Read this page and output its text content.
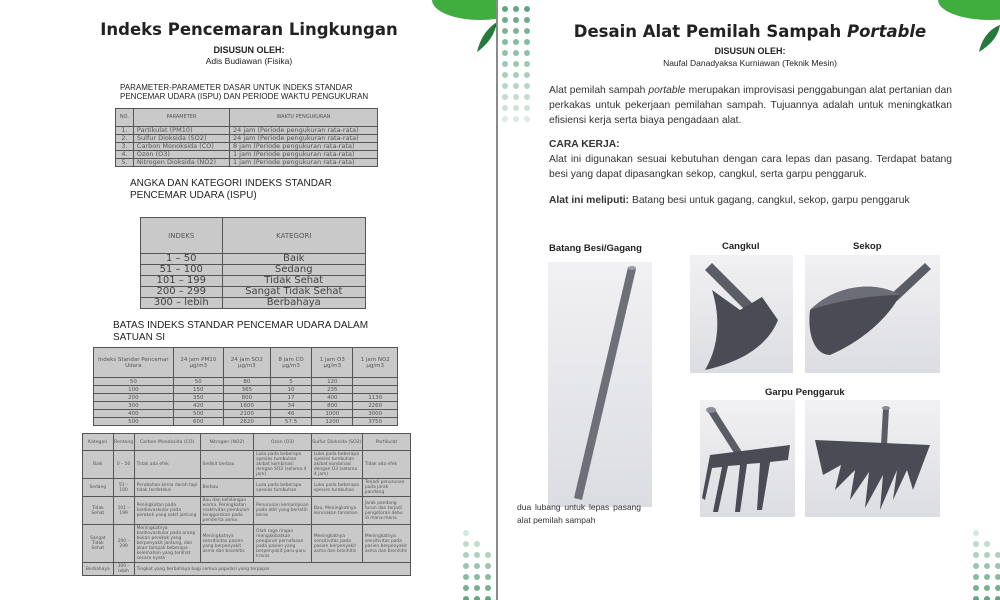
Indeks Pencemaran Lingkungan
DISUSUN OLEH:
Adis Budiawan (Fisika)
PARAMETER-PARAMETER DASAR UNTUK INDEKS STANDAR PENCEMAR UDARA (ISPU) DAN PERIODE WAKTU PENGUKURAN
NO.	PARAMETER	WAKTU PENGUKURAN
1.	Partikulat (PM10)	24 jam (Periode pengukuran rata-rata)
2.	Sulfur Dioksida (SO2)	24 jam (Periode pengukuran rata-rata)
3.	Carbon Monoksida (CO)	8 jam (Periode pengukuran rata-rata)
4.	Ozon (O3)	1 jam (Periode pengukuran rata-rata)
5.	Nitrogen Dioksida (NO2)	1 jam (Periode pengukuran rata-rata)
ANGKA DAN KATEGORI INDEKS STANDAR PENCEMAR UDARA (ISPU)
INDEKS	KATEGORI
1 – 50	Baik
51 – 100	Sedang
101 – 199	Tidak Sehat
200 – 299	Sangat Tidak Sehat
300 – lebih	Berbahaya
BATAS INDEKS STANDAR PENCEMAR UDARA DALAM SATUAN SI
Indeks Standar Pencemar Udara	24 jam PM10 µg/m3	24 jam SO2 µg/m3	8 jam CO µg/m3	1 jam O3 µg/m3	1 jam NO2 µg/m3
50	50	80	5	120	
100	150	365	10	235	
200	350	800	17	400	1130
300	420	1600	34	800	2260
400	500	2100	46	1000	3000
500	600	2620	57.5	1200	3750
Kategori	Rentang	Carbon Monoksida (CO)	Nitrogen (NO2)	Ozon (O3)	Sulfur Dioksida (SO2)	Partikulat
Baik	0 – 50	Tidak ada efek	Sedikit berbau	Luka pada beberapa spesies tumbuhan akibat kombinasi dengan SO2 (selama 4 jam)	Luka pada beberapa spesies tumbuhan akibat kombinasi dengan O3 (selama 4 jam)	Tidak ada efek
Sedang	51 – 100	Perubahan kimia darah tapi tidak terdeteksi	Berbau	Luka pada beberapa spesies tumbuhan	Luka pada beberapa spesies tumbuhan	Terjadi penurunan pada jarak pandang
Tidak Sehat	101 – 199	Peningkatan pada kardiovaskular pada perokok yang sakit jantung	Bau dan kehilangan warna. Peningkatan reaktivitas pembuluh tenggorokan pada penderita asma	Penurunan kemampuan pada atlit yang berlatih keras	Bau, Meningkatnya kerusakan tanaman	Jarak pandang turun dan terjadi pengotoran debu di mana-mana
Sangat Tidak Sehat	200 – 299	Meningkatnya kardiovaskular pada orang bukan perokok yang berpenyakit jantung, dan akan tampak beberapa kelemahan yang terlihat secara nyata	Meningkatnya sensitivitas pasien yang berpenyakit asma dan bronhitis	Olah raga ringan mengakibatkan pengaruh pernafasan pada pasien yang berpenyakit paru-paru kronis	Meningkatnya sensitivitas pada pasien berpenyakit asma dan bronhitis	Meningkatnya sensitivitas pada pasien berpenyakit asma dan bronhitis
Berbahaya	300 – lebih	Tingkat yang berbahaya bagi semua populasi yang terpapar				
Desain Alat Pemilah Sampah Portable
DISUSUN OLEH:
Naufal Danadyaksa Kurniawan (Teknik Mesin)
Alat pemilah sampah portable merupakan improvisasi penggabungan alat pertanian dan perkakas untuk pekerjaan pemilahan sampah. Tujuannya adalah untuk meningkatkan efisiensi kerja serta biaya pengadaan alat.
CARA KERJA:
Alat ini digunakan sesuai kebutuhan dengan cara lepas dan pasang. Terdapat batang besi yang dapat dipasangkan sekop, cangkul, serta garpu penggaruk.
Alat ini meliputi: Batang besi untuk gagang, cangkul, sekop, garpu penggaruk
Batang Besi/Gagang	Cangkul	Sekop
Garpu Penggaruk
dua lubang untuk lepas pasang alat pemilah sampah
